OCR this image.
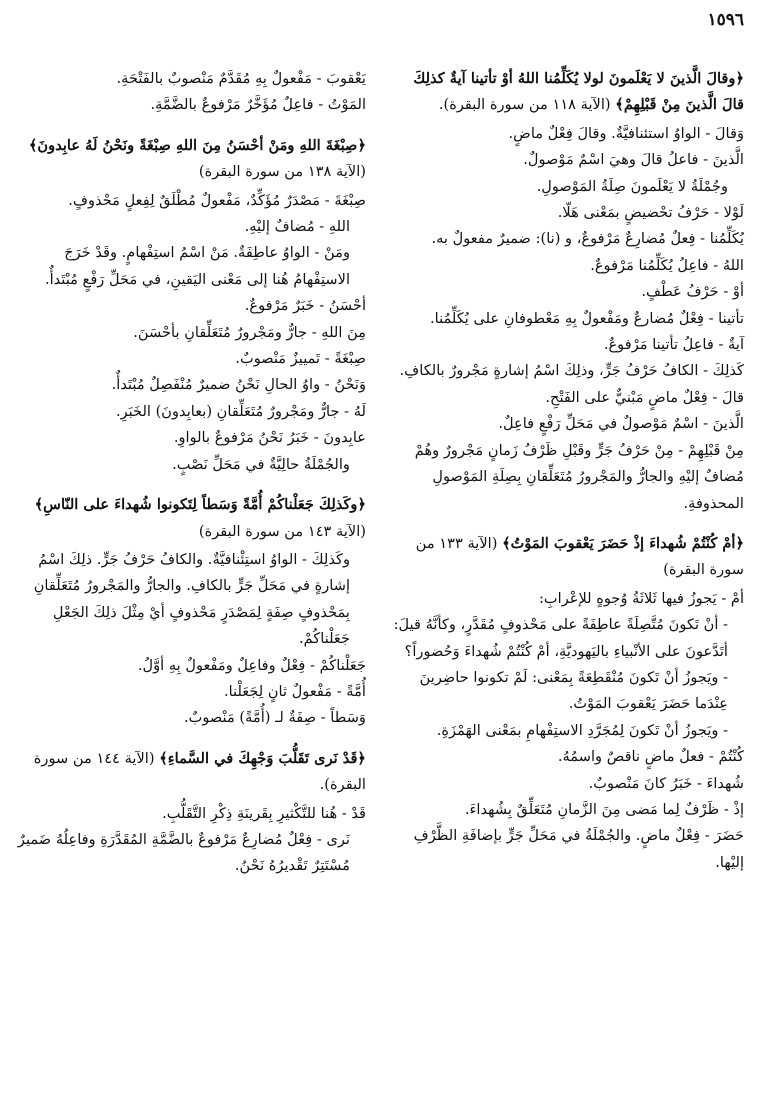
١٥٩٦

﴿وقالَ الَّذينَ لا يَعْلَمونَ لولا يُكَلِّمُنا اللهُ أوْ تأتينا آيةٌ كذلِكَ قالَ الَّذينَ مِنْ قَبْلِهِمْ﴾ (الآية ١١٨ من سورة البقرة).

وَقالَ - الواوُ استئنافيَّةٌ. وقالَ فِعْلٌ ماضٍ.

الَّذينَ - فاعلُ قالَ وهيَ اسْمٌ مَوْصولٌ.

وجُمْلَةُ لا يَعْلَمونَ صِلَةُ المَوْصولِ.

لَوْلا - حَرْفُ تحْضيضٍ بمَعْنى هَلّا.

يُكَلِّمُنا - فِعلٌ مُضارِعٌ مَرْفوعٌ، و (نا): ضميرٌ مفعولٌ به.

اللهُ - فاعِلُ يُكَلِّمُنا مَرْفوعٌ.

أوْ - حَرْفُ عَطْفٍ.

تأتينا - فِعْلٌ مُضارعٌ ومَفْعولٌ بِهِ مَعْطوفانِ على يُكَلِّمُنا.

آيةٌ - فاعِلُ تأتينا مَرْفوعٌ.

كَذلِكَ - الكافُ حَرْفُ جَرٍّ، وذلِكَ اسْمُ إشارةٍ مَجْرورٌ بالكافِ.

قالَ - فِعْلٌ ماضٍ مَبْنيٌّ على الفَتْحِ.

الَّذينَ - اسْمٌ مَوْصولٌ في مَحَلِّ رَفْعٍ فاعِلٌ.

مِنْ قَبْلِهِمْ - مِنْ حَرْفُ جَرٍّ وقَبْلِ ظَرْفُ زَمانٍ مَجْرورٌ وهُمْ مُضافٌ إليْهِ والجارُّ والمَجْرورُ مُتَعَلِّقانِ بِصِلَةِ المَوْصولِ المحذوفةِ.

﴿أمْ كُنْتُمْ شُهداءَ إذْ حَضَرَ يَعْقوبَ المَوْتُ﴾ (الآية ١٣٣ من سورة البقرة)

أمْ - يَجوزُ فيها ثَلاثَةُ وُجوهٍ للإعْرابِ:

- أنْ تَكونَ مُتَّصِلَةً عاطِفَةً على مَحْذوفٍ مُقَدَّرٍ، وكأنَّهُ قيلَ: أتَدَّعونَ على الأنْبياءِ باليَهوديَّةِ، أمْ كُنْتُمْ شُهداءَ وَحُضوراً؟

- ويَجوزُ أنْ تَكونَ مُنْقَطِعَةً بِمَعْنى: لَمْ تكونوا حاضِرينَ عِنْدَما حَضَرَ يَعْقوبَ المَوْتُ.

- ويَجوزُ أنْ تَكونَ لِمُجَرَّدِ الاستِفْهامِ بمَعْنى الهَمْزَةِ.

كُنْتُمْ - فعلٌ ماضٍ ناقصٌ واسمُهُ.

شُهداءَ - خَبَرُ كانَ مَنْصوبٌ.

إذْ - ظَرْفٌ لِما مَضى مِنَ الزَّمانِ مُتَعَلِّقٌ بِشُهداءَ.

حَضَرَ - فِعْلٌ ماضٍ. والجُمْلَةُ في مَحَلِّ جَرٍّ بإضافَةِ الظَّرْفِ إليْها.

يَعْقوبَ - مَفْعولٌ بِهِ مُقَدَّمٌ مَنْصوبٌ بالفَتْحَةِ.

المَوْتُ - فاعِلٌ مُؤَخَّرٌ مَرْفوعٌ بالضَّمَّةِ.

﴿صِبْغَةَ اللهِ ومَنْ أحْسَنُ مِنَ اللهِ صِبْغَةً ونَحْنُ لَهُ عابِدونَ﴾ (الآية ١٣٨ من سورة البقرة)

صِبْغَةَ - مَصْدَرٌ مُؤَكِّدٌ، مَفْعولٌ مُطْلَقٌ لِفِعلٍ مَحْذوفٍ.

اللهِ - مُضافٌ إليْهِ.

ومَنْ - الواوُ عاطِفَةٌ. مَنْ اسْمُ استِفْهامٍ. وقَدْ خَرَجَ الاستِفْهامُ هُنا إلى مَعْنى اليَقينِ، في مَحَلِّ رَفْعٍ مُبْتَدأٌ.

أحْسَنُ - خَبَرٌ مَرْفوعٌ.

مِنَ اللهِ - جارٌّ ومَجْرورٌ مُتَعَلِّقانِ بأحْسَنَ.

صِبْغَةً - تَمييزٌ مَنْصوبٌ.

وَنَحْنُ - واوُ الحالِ نَحْنُ ضميرٌ مُنْفَصِلٌ مُبْتَدأٌ.

لَهُ - جارٌّ ومَجْرورٌ مُتَعَلِّقانِ (بعابِدونَ) الخَبَرِ.

عابِدونَ - خَبَرُ نَحْنُ مَرْفوعٌ بالواوِ.

والجُمْلَةُ حالِيَّةٌ في مَحَلِّ نَصْبٍ.

﴿وكَذلِكَ جَعَلْناكُمْ أُمَّةً وَسَطاً لِتَكونوا شُهداءَ على النّاسِ﴾ (الآية ١٤٣ من سورة البقرة)

وكَذلِكَ - الواوُ استِئْنافيَّةٌ. والكافُ حَرْفُ جَرٍّ. ذلِكَ اسْمُ إشارةٍ في مَحَلِّ جَرٍّ بالكافِ. والجارُّ والمَجْرورُ مُتَعَلِّقانِ بِمَحْذوفٍ صِفَةٍ لِمَصْدَرٍ مَحْذوفٍ أيْ مِثْلَ ذلِكَ الجَعْلِ جَعَلْناكُمْ.

جَعَلْناكُمْ - فِعْلٌ وفاعِلٌ ومَفْعولٌ بِهِ أوَّلُ.

أُمَّةً - مَفْعولٌ ثانٍ لِجَعَلْنا.

وَسَطاً - صِفَةٌ لـ (أُمَّةً) مَنْصوبٌ.

﴿قَدْ نَرى تَقَلُّبَ وَجْهِكَ في السَّماءِ﴾ (الآية ١٤٤ من سورة البقرة).

قَدْ - هُنا للتَّكْثيرِ بِقَرينَةِ ذِكْرِ التَّقَلُّبِ.

نَرى - فِعْلٌ مُضارِعٌ مَرْفوعٌ بالضَّمَّةِ المُقَدَّرَةِ وفاعِلُهُ ضَميرٌ مُسْتَتِرٌ تَقْديرُهُ نَحْنُ.
